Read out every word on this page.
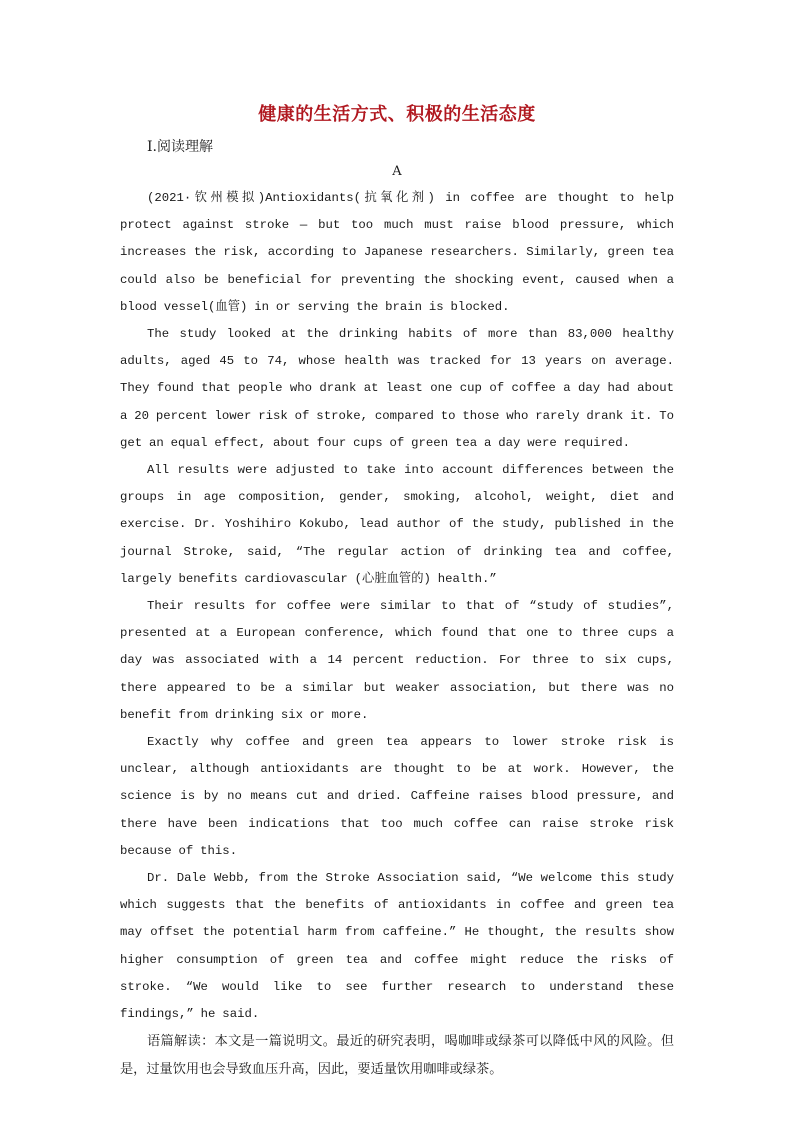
健康的生活方式、积极的生活态度
Ⅰ.阅读理解
A

(2021·钦州模拟)Antioxidants(抗氧化剂) in coffee are thought to help protect against stroke — but too much must raise blood pressure, which increases the risk, according to Japanese researchers. Similarly, green tea could also be beneficial for preventing the shocking event, caused when a blood vessel(血管) in or serving the brain is blocked.

The study looked at the drinking habits of more than 83,000 healthy adults, aged 45 to 74, whose health was tracked for 13 years on average. They found that people who drank at least one cup of coffee a day had about a 20 percent lower risk of stroke, compared to those who rarely drank it. To get an equal effect, about four cups of green tea a day were required.

All results were adjusted to take into account differences between the groups in age composition, gender, smoking, alcohol, weight, diet and exercise. Dr. Yoshihiro Kokubo, lead author of the study, published in the journal Stroke, said, “The regular action of drinking tea and coffee, largely benefits cardiovascular (心脏血管的) health.”

Their results for coffee were similar to that of “study of studies”, presented at a European conference, which found that one to three cups a day was associated with a 14 percent reduction. For three to six cups, there appeared to be a similar but weaker association, but there was no benefit from drinking six or more.

Exactly why coffee and green tea appears to lower stroke risk is unclear, although antioxidants are thought to be at work. However, the science is by no means cut and dried. Caffeine raises blood pressure, and there have been indications that too much coffee can raise stroke risk because of this.

Dr. Dale Webb, from the Stroke Association said, “We welcome this study which suggests that the benefits of antioxidants in coffee and green tea may offset the potential harm from caffeine.” He thought, the results show higher consumption of green tea and coffee might reduce the risks of stroke. “We would like to see further research to understand these findings,” he said.

语篇解读：本文是一篇说明文。最近的研究表明，喝咖啡或绿茶可以降低中风的风险。但是，过量饮用也会导致血压升高，因此，要适量饮用咖啡或绿茶。
